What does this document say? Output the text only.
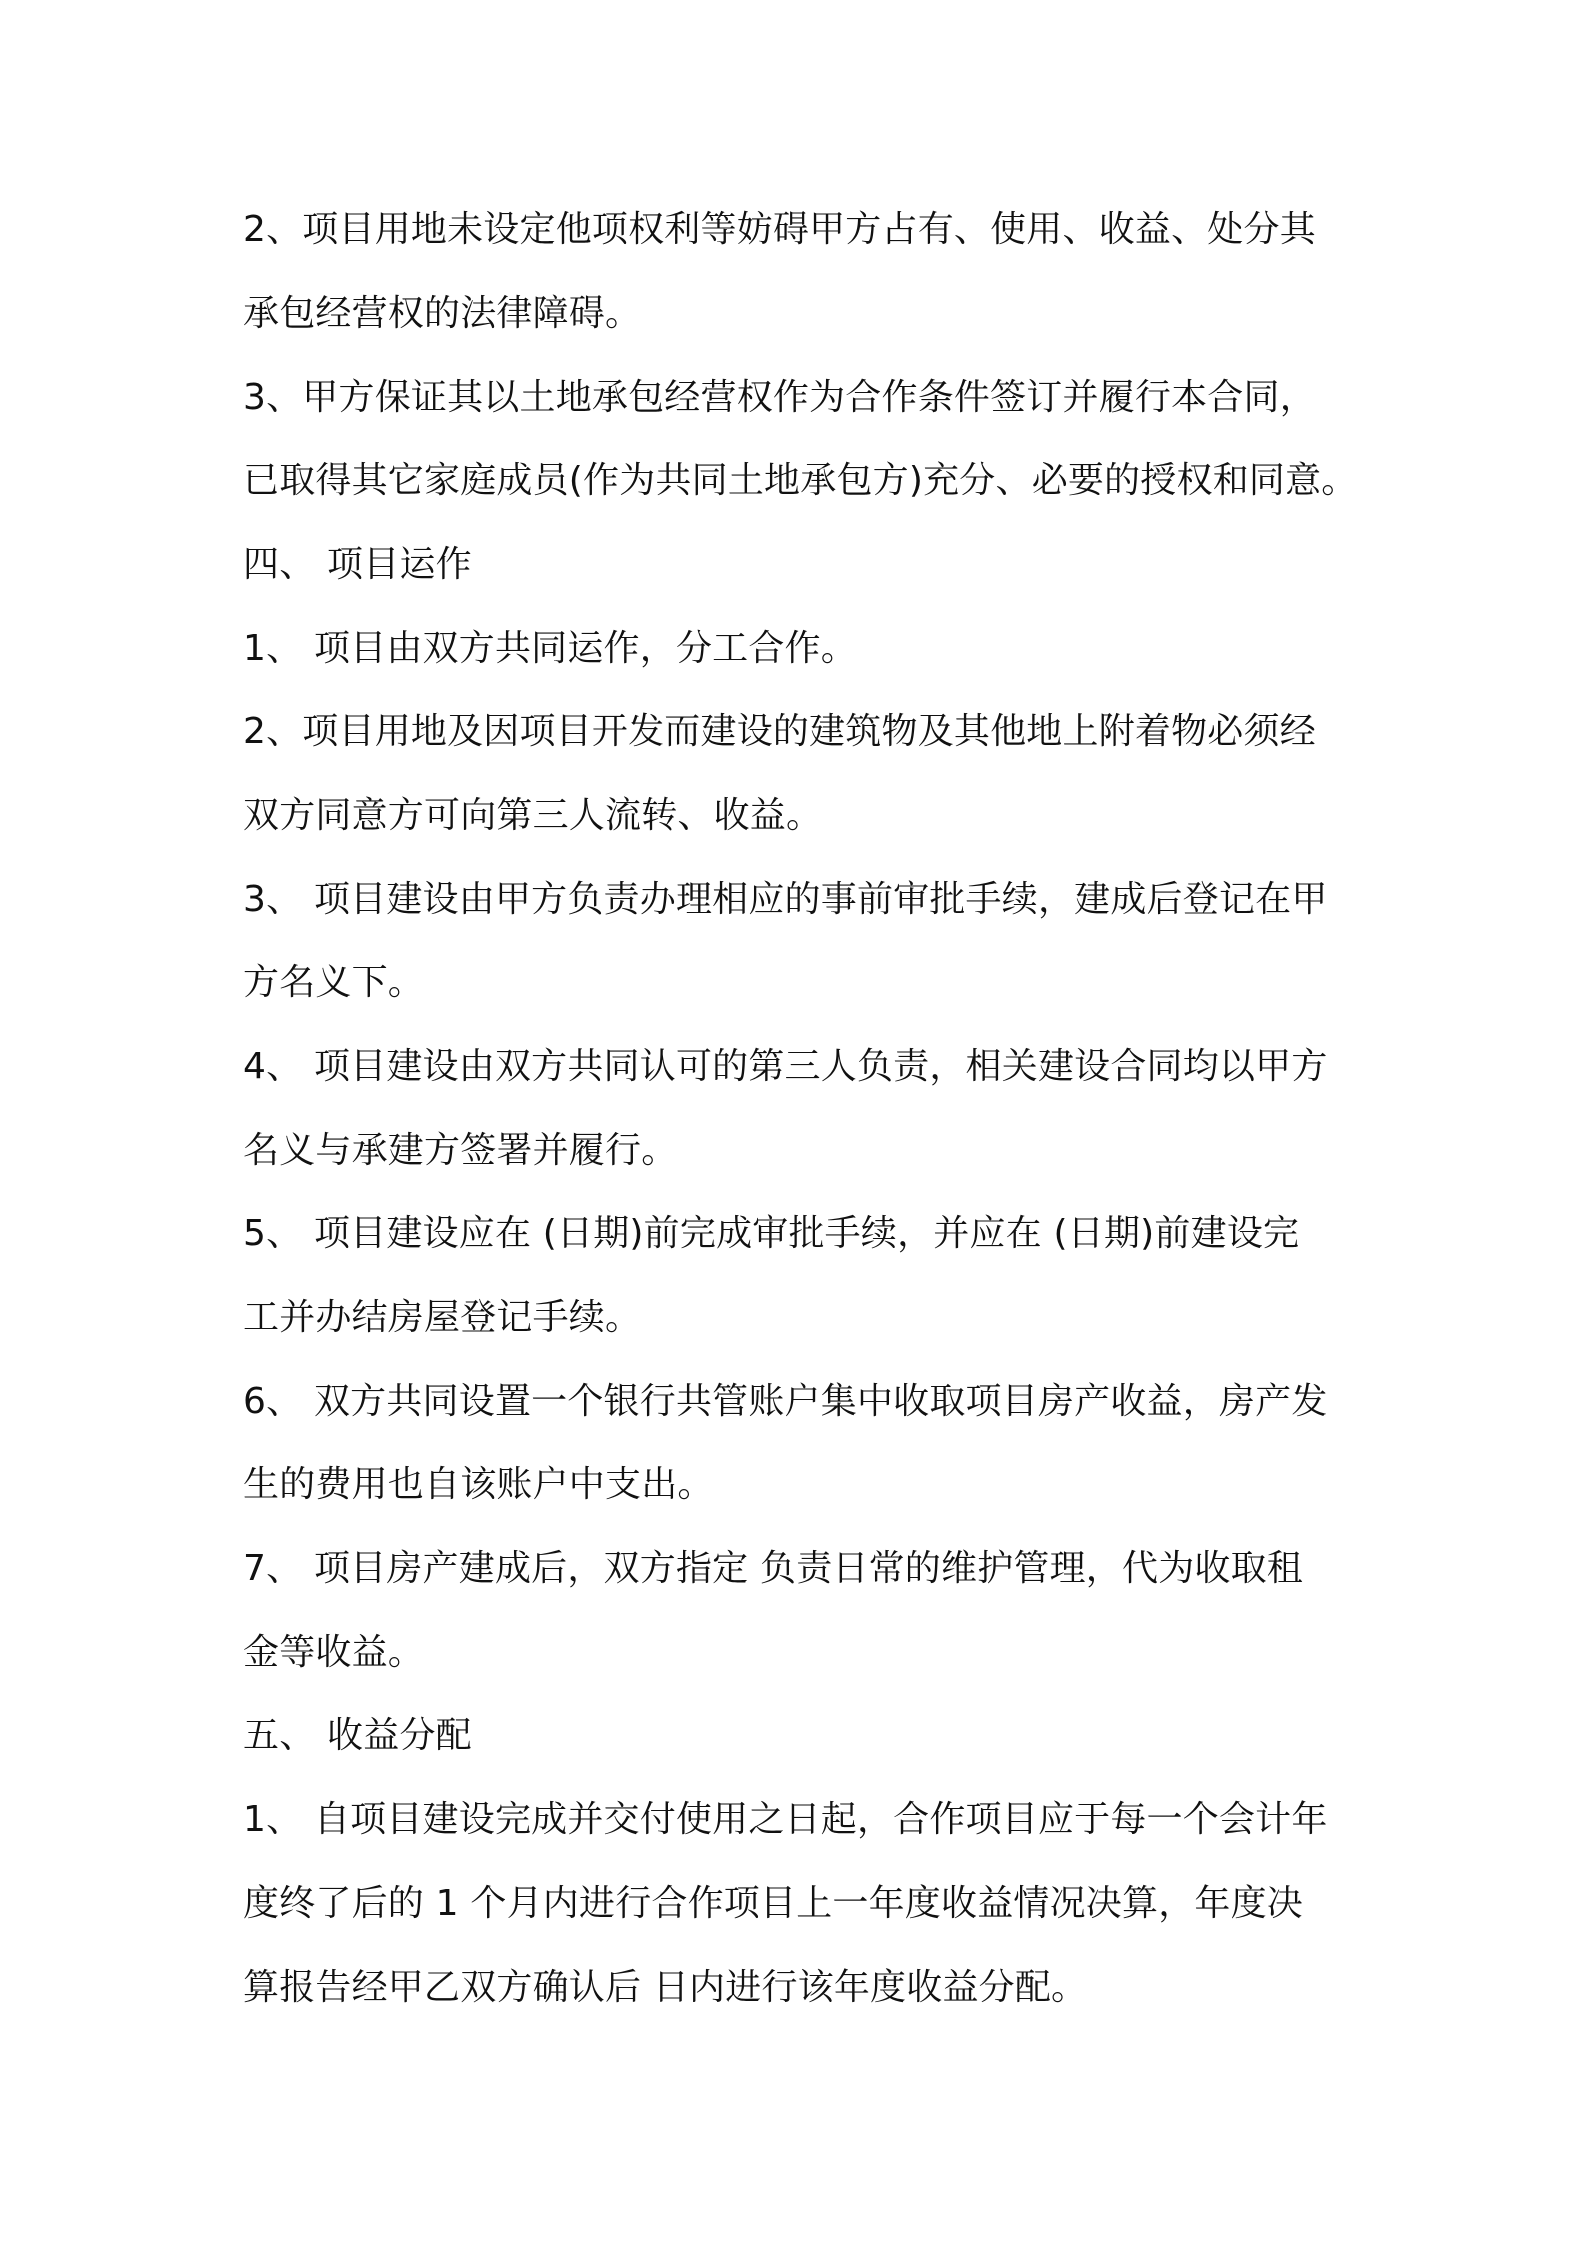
2、项目用地未设定他项权利等妨碍甲方占有、使用、收益、处分其
承包经营权的法律障碍。
3、甲方保证其以土地承包经营权作为合作条件签订并履行本合同，
已取得其它家庭成员(作为共同土地承包方)充分、必要的授权和同意。
四、 项目运作
1、 项目由双方共同运作，分工合作。
2、项目用地及因项目开发而建设的建筑物及其他地上附着物必须经
双方同意方可向第三人流转、收益。
3、 项目建设由甲方负责办理相应的事前审批手续，建成后登记在甲
方名义下。
4、 项目建设由双方共同认可的第三人负责，相关建设合同均以甲方
名义与承建方签署并履行。
5、 项目建设应在 (日期)前完成审批手续，并应在 (日期)前建设完
工并办结房屋登记手续。
6、 双方共同设置一个银行共管账户集中收取项目房产收益，房产发
生的费用也自该账户中支出。
7、 项目房产建成后，双方指定 负责日常的维护管理，代为收取租
金等收益。
五、 收益分配
1、 自项目建设完成并交付使用之日起，合作项目应于每一个会计年
度终了后的 1 个月内进行合作项目上一年度收益情况决算，年度决
算报告经甲乙双方确认后 日内进行该年度收益分配。
